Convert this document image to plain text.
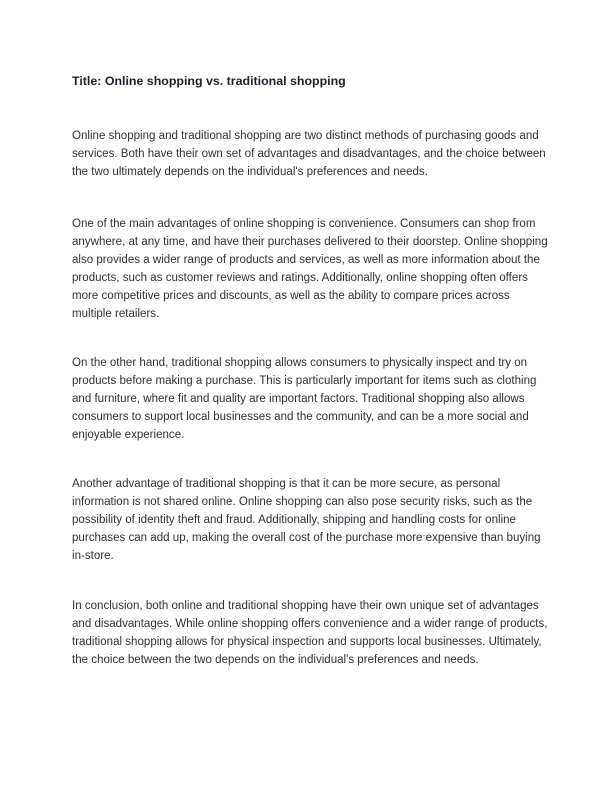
Title: Online shopping vs. traditional shopping

Online shopping and traditional shopping are two distinct methods of purchasing goods and services. Both have their own set of advantages and disadvantages, and the choice between the two ultimately depends on the individual's preferences and needs.

One of the main advantages of online shopping is convenience. Consumers can shop from anywhere, at any time, and have their purchases delivered to their doorstep. Online shopping also provides a wider range of products and services, as well as more information about the products, such as customer reviews and ratings. Additionally, online shopping often offers more competitive prices and discounts, as well as the ability to compare prices across multiple retailers.

On the other hand, traditional shopping allows consumers to physically inspect and try on products before making a purchase. This is particularly important for items such as clothing and furniture, where fit and quality are important factors. Traditional shopping also allows consumers to support local businesses and the community, and can be a more social and enjoyable experience.

Another advantage of traditional shopping is that it can be more secure, as personal information is not shared online. Online shopping can also pose security risks, such as the possibility of identity theft and fraud. Additionally, shipping and handling costs for online purchases can add up, making the overall cost of the purchase more expensive than buying in-store.

In conclusion, both online and traditional shopping have their own unique set of advantages and disadvantages. While online shopping offers convenience and a wider range of products, traditional shopping allows for physical inspection and supports local businesses. Ultimately, the choice between the two depends on the individual's preferences and needs.
